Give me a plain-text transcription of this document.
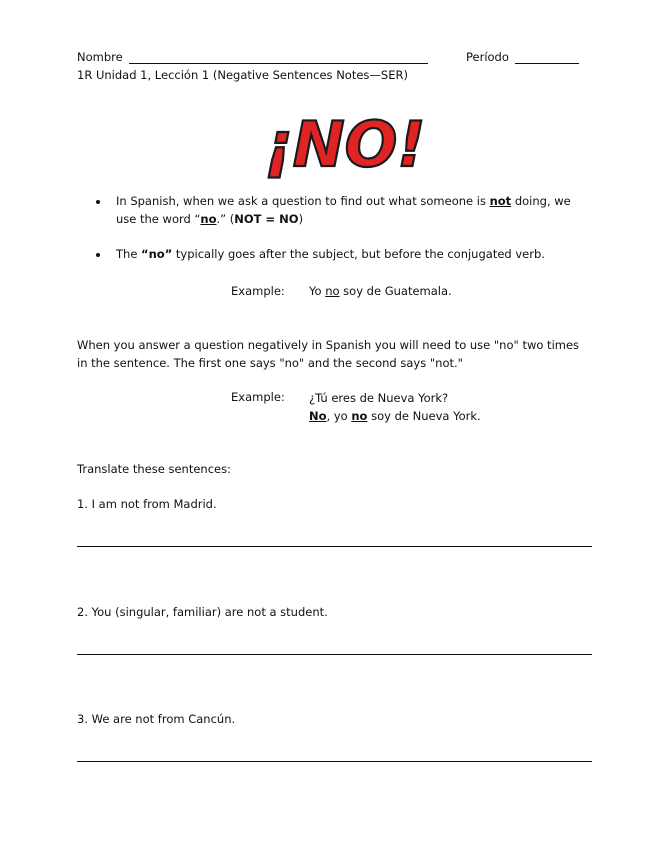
Nombre	Período
1R Unidad 1, Lección 1 (Negative Sentences Notes—SER)
¡NO!
In Spanish, when we ask a question to find out what someone is not doing, we
use the word “no.” (NOT = NO)
The “no” typically goes after the subject, but before the conjugated verb.
Example: Yo no soy de Guatemala.
When you answer a question negatively in Spanish you will need to use "no" two times
in the sentence. The first one says "no" and the second says "not."
Example: ¿Tú eres de Nueva York?
No, yo no soy de Nueva York.
Translate these sentences:
1. I am not from Madrid.
2. You (singular, familiar) are not a student.
3. We are not from Cancún.
